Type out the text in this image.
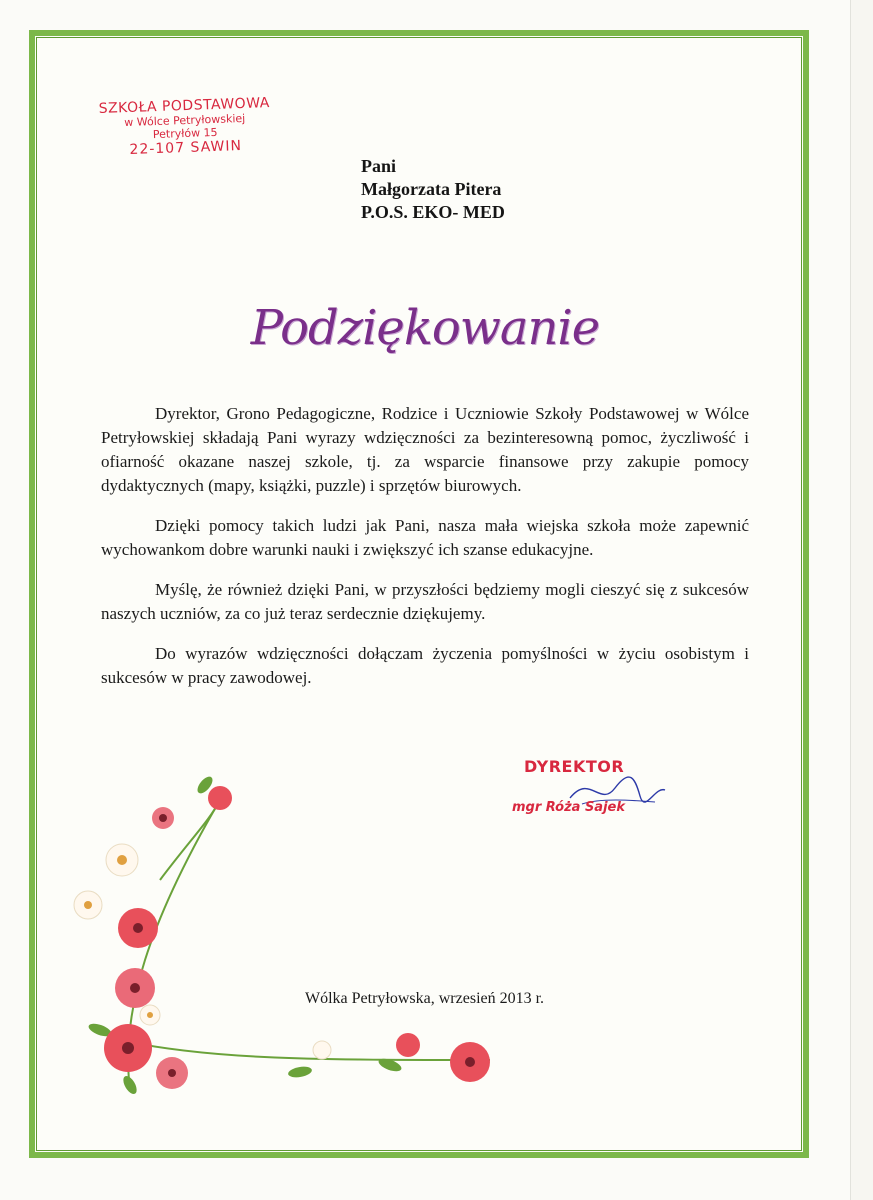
SZKOŁA PODSTAWOWA
w Wólce Petryłowskiej
Petryłów 15
22-107 SAWIN
Pani
Małgorzata Pitera
P.O.S. EKO- MED
Podziękowanie

Dyrektor, Grono Pedagogiczne, Rodzice i Uczniowie Szkoły Podstawowej w Wólce Petryłowskiej składają Pani wyrazy wdzięczności za bezinteresowną pomoc, życzliwość i ofiarność okazane naszej szkole, tj. za wsparcie finansowe przy zakupie pomocy dydaktycznych (mapy, książki, puzzle) i sprzętów biurowych.

Dzięki pomocy takich ludzi jak Pani, nasza mała wiejska szkoła może zapewnić wychowankom dobre warunki nauki i zwiększyć ich szanse edukacyjne.

Myślę, że również dzięki Pani, w przyszłości będziemy mogli cieszyć się z sukcesów naszych uczniów, za co już teraz serdecznie dziękujemy.

Do wyrazów wdzięczności dołączam życzenia pomyślności w życiu osobistym i sukcesów w pracy zawodowej.

DYREKTOR
mgr Róża Sajek
Wólka Petryłowska, wrzesień 2013 r.
